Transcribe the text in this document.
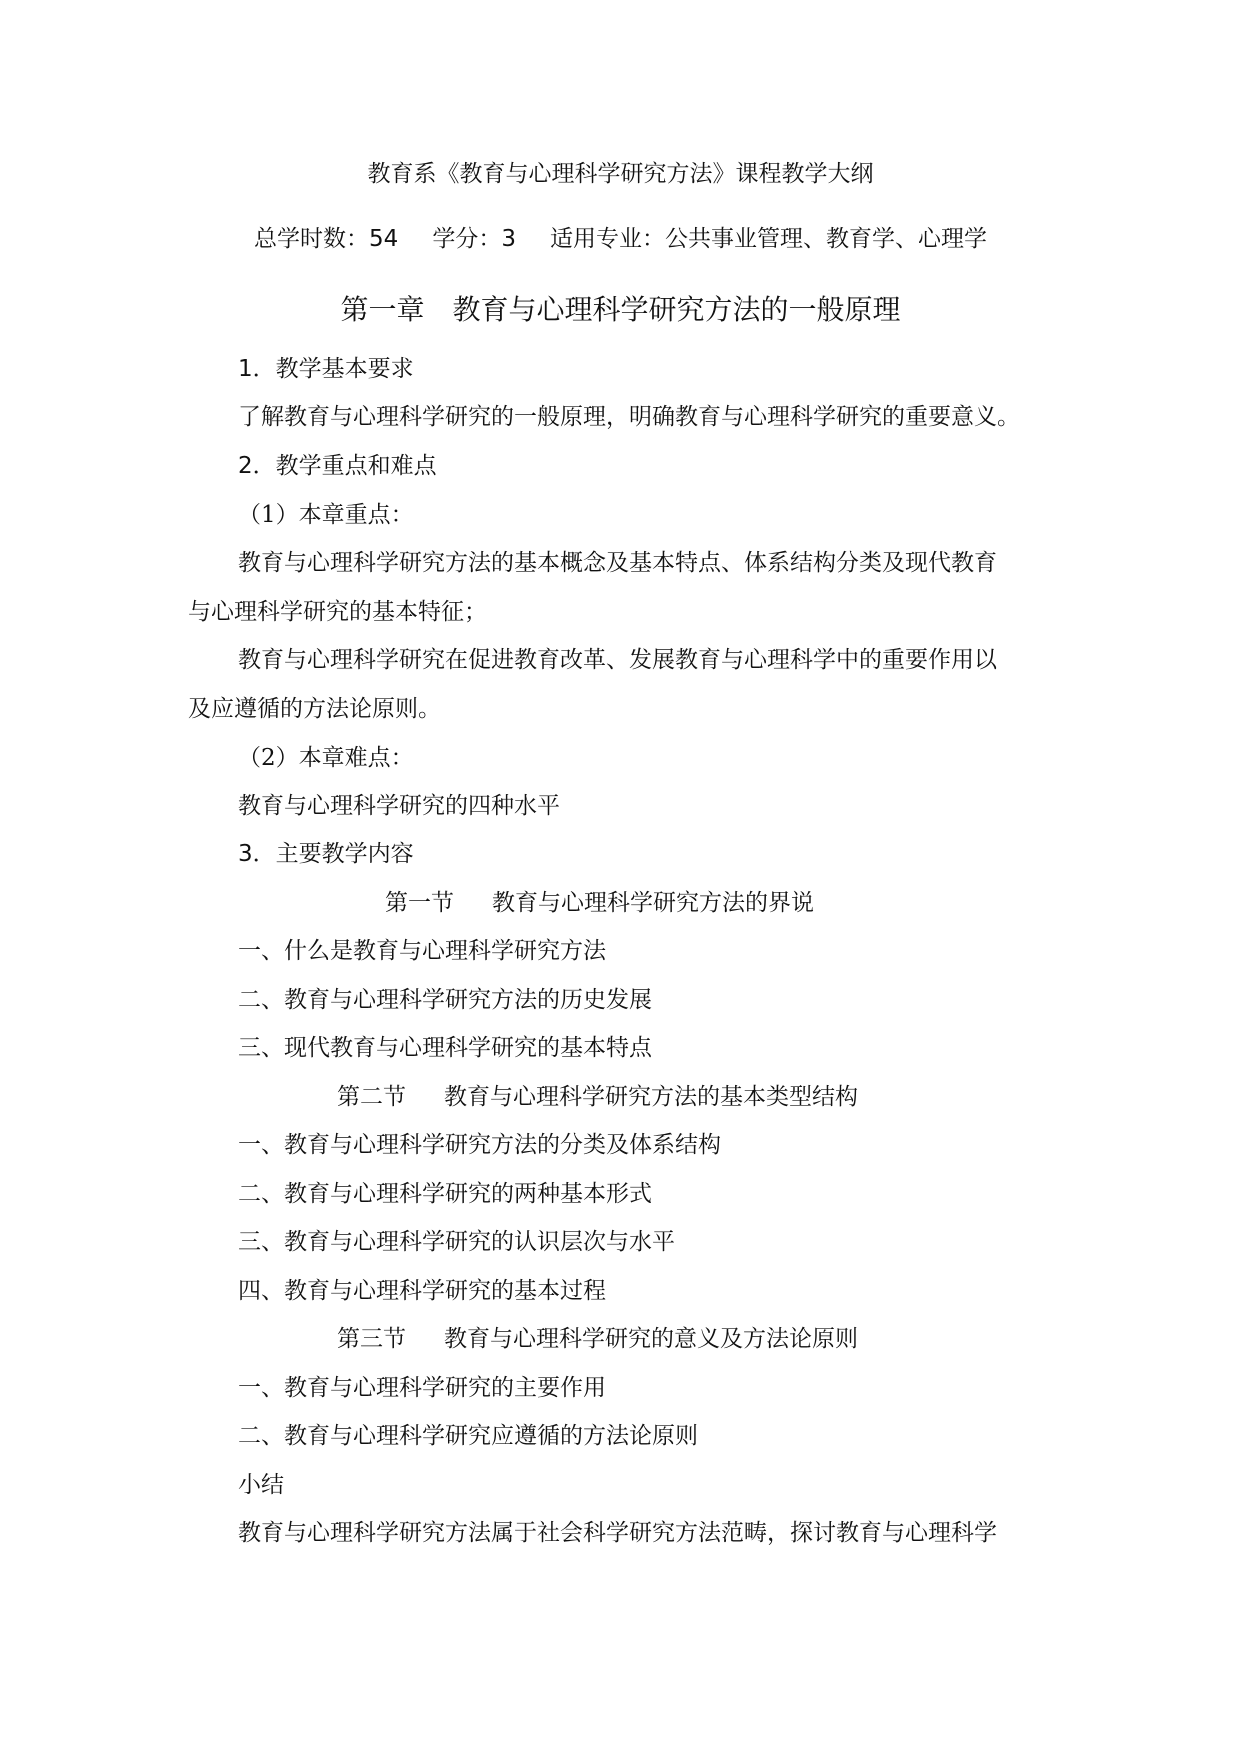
教育系《教育与心理科学研究方法》课程教学大纲
总学时数：54 学分：3 适用专业：公共事业管理、教育学、心理学
第一章 教育与心理科学研究方法的一般原理
1．教学基本要求
了解教育与心理科学研究的一般原理，明确教育与心理科学研究的重要意义。
2．教学重点和难点
（1）本章重点：
教育与心理科学研究方法的基本概念及基本特点、体系结构分类及现代教育
与心理科学研究的基本特征；
教育与心理科学研究在促进教育改革、发展教育与心理科学中的重要作用以
及应遵循的方法论原则。
（2）本章难点：
教育与心理科学研究的四种水平
3．主要教学内容
第一节 教育与心理科学研究方法的界说
一、什么是教育与心理科学研究方法
二、教育与心理科学研究方法的历史发展
三、现代教育与心理科学研究的基本特点
第二节 教育与心理科学研究方法的基本类型结构
一、教育与心理科学研究方法的分类及体系结构
二、教育与心理科学研究的两种基本形式
三、教育与心理科学研究的认识层次与水平
四、教育与心理科学研究的基本过程
第三节 教育与心理科学研究的意义及方法论原则
一、教育与心理科学研究的主要作用
二、教育与心理科学研究应遵循的方法论原则
小结
教育与心理科学研究方法属于社会科学研究方法范畴，探讨教育与心理科学
